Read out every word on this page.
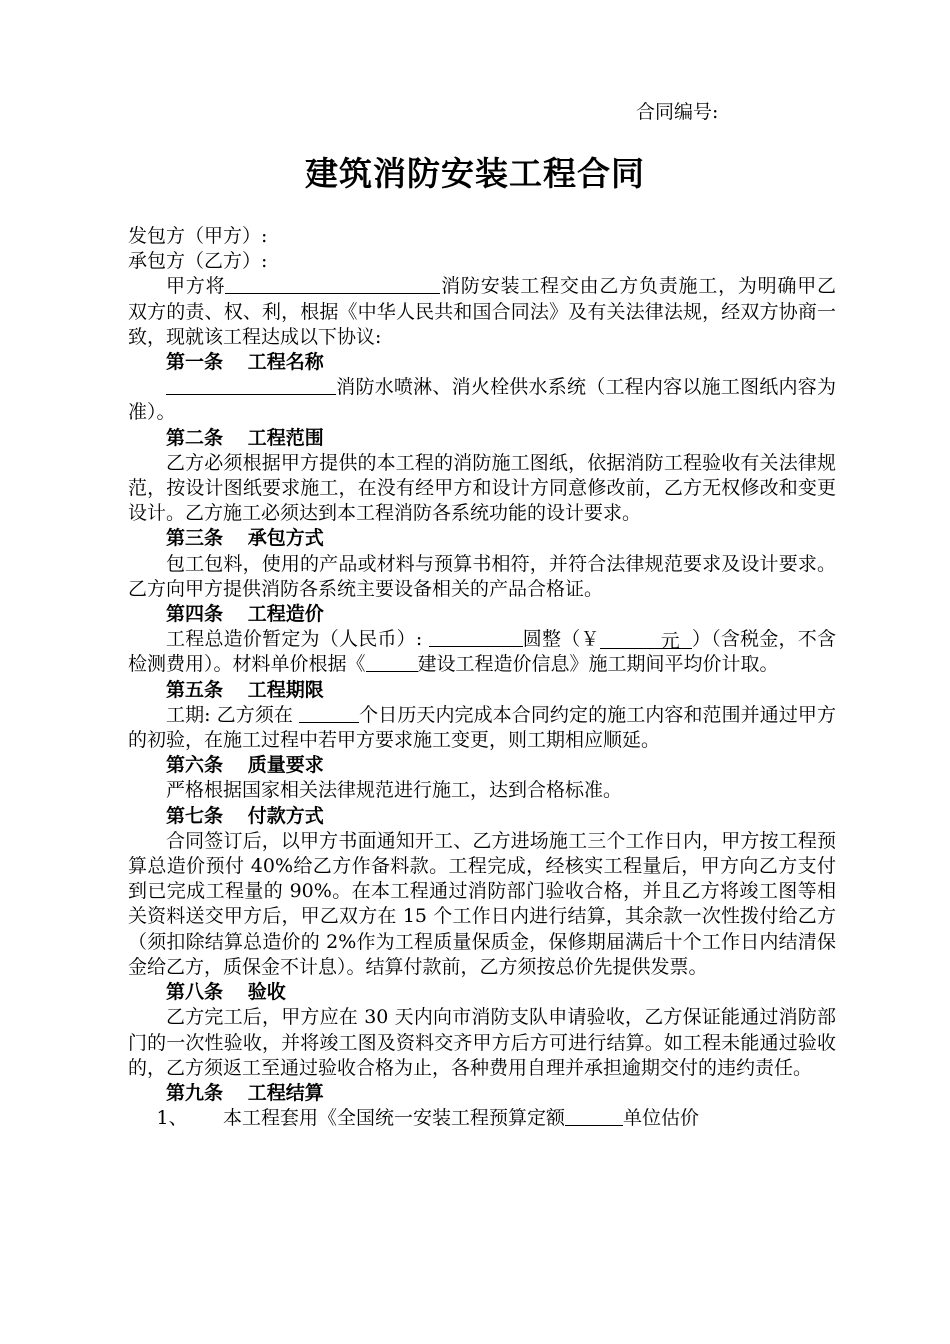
合同编号:
建筑消防安装工程合同

发包方（甲方）:

承包方（乙方）:

甲方将	消防安装工程交由乙方负责施工，为明确甲乙双方的责、权、利，根据《中华人民共和国合同法》及有关法律法规，经双方协商一致，现就该工程达成以下协议:

第一条 工程名称

消防水喷淋、消火栓供水系统（工程内容以施工图纸内容为准）。

第二条 工程范围

乙方必须根据甲方提供的本工程的消防施工图纸，依据消防工程验收有关法律规范，按设计图纸要求施工，在没有经甲方和设计方同意修改前，乙方无权修改和变更设计。乙方施工必须达到本工程消防各系统功能的设计要求。

第三条 承包方式

包工包料，使用的产品或材料与预算书相符，并符合法律规范要求及设计要求。乙方向甲方提供消防各系统主要设备相关的产品合格证。

第四条 工程造价

工程总造价暂定为（人民币）:	圆整（￥	元 ）（含税金，不含检测费用）。材料单价根据《	建设工程造价信息》施工期间平均价计取。

第五条 工程期限

工期: 乙方须在	个日历天内完成本合同约定的施工内容和范围并通过甲方的初验，在施工过程中若甲方要求施工变更，则工期相应顺延。

第六条 质量要求

严格根据国家相关法律规范进行施工，达到合格标准。

第七条 付款方式

合同签订后，以甲方书面通知开工、乙方进场施工三个工作日内，甲方按工程预算总造价预付 40%给乙方作备料款。工程完成，经核实工程量后，甲方向乙方支付到已完成工程量的 90%。在本工程通过消防部门验收合格，并且乙方将竣工图等相关资料送交甲方后，甲乙双方在 15 个工作日内进行结算，其余款一次性拨付给乙方（须扣除结算总造价的 2%作为工程质量保质金，保修期届满后十个工作日内结清保金给乙方，质保金不计息）。结算付款前，乙方须按总价先提供发票。

第八条 验收

乙方完工后，甲方应在 30 天内向市消防支队申请验收，乙方保证能通过消防部门的一次性验收，并将竣工图及资料交齐甲方后方可进行结算。如工程未能通过验收的，乙方须返工至通过验收合格为止，各种费用自理并承担逾期交付的违约责任。

第九条 工程结算

1、 本工程套用《全国统一安装工程预算定额	单位估价
